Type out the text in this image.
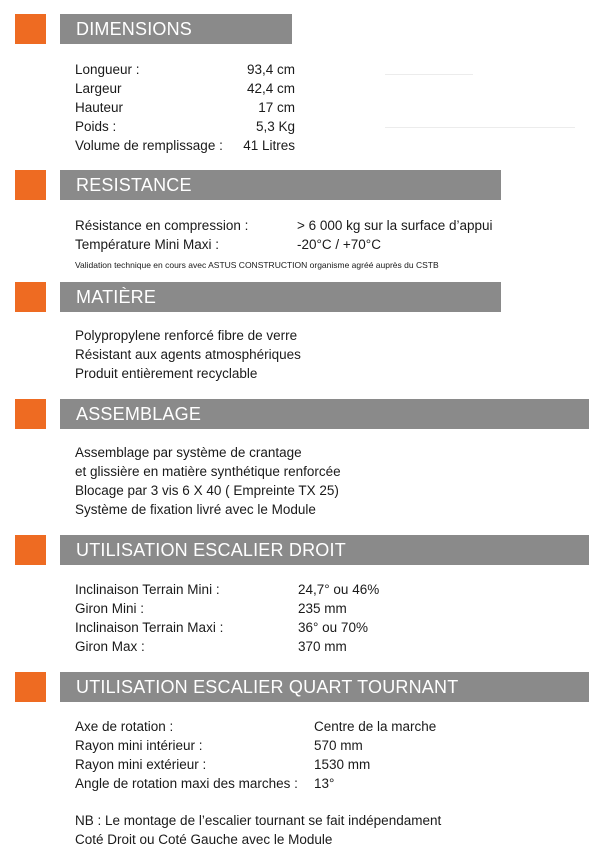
DIMENSIONS
Longueur :	93,4 cm
Largeur	42,4 cm
Hauteur	17 cm
Poids :	5,3 Kg
Volume de remplissage : 41 Litres
RESISTANCE
Résistance en compression :	> 6 000 kg sur la surface d’appui
Température Mini Maxi :	-20°C / +70°C
Validation technique en cours avec ASTUS CONSTRUCTION organisme agréé auprès du CSTB
MATIÈRE
Polypropylene renforcé fibre de verre
Résistant aux agents atmosphériques
Produit entièrement recyclable
ASSEMBLAGE
Assemblage par système de crantage
et glissière en matière synthétique renforcée
Blocage par 3 vis 6 X 40 ( Empreinte TX 25)
Système de fixation livré avec le Module
UTILISATION ESCALIER DROIT
Inclinaison Terrain Mini :	24,7° ou 46%
Giron Mini :	235 mm
Inclinaison Terrain Maxi :	36° ou 70%
Giron Max :	370 mm
UTILISATION ESCALIER QUART TOURNANT
Axe de rotation :	Centre de la marche
Rayon mini intérieur :	570 mm
Rayon mini extérieur :	1530 mm
Angle de rotation maxi des marches : 13°
NB : Le montage de l’escalier tournant se fait indépendament
Coté Droit ou Coté Gauche avec le Module
